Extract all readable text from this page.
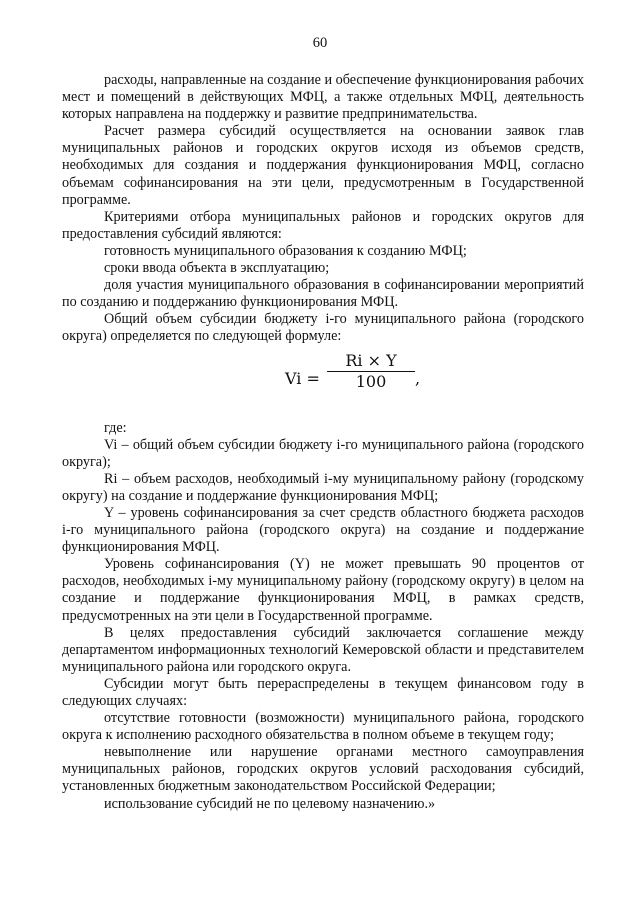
60

расходы, направленные на создание и обеспечение функционирования рабочих мест и помещений в действующих МФЦ, а также отдельных МФЦ, деятельность которых направлена на поддержку и развитие предпринимательства.

Расчет размера субсидий осуществляется на основании заявок глав муниципальных районов и городских округов исходя из объемов средств, необходимых для создания и поддержания функционирования МФЦ, согласно объемам софинансирования на эти цели, предусмотренным в Государственной программе.

Критериями отбора муниципальных районов и городских округов для предоставления субсидий являются:

готовность муниципального образования к созданию МФЦ;

сроки ввода объекта в эксплуатацию;

доля участия муниципального образования в софинансировании мероприятий по созданию и поддержанию функционирования МФЦ.

Общий объем субсидии бюджету i-го муниципального района (городского округа) определяется по следующей формуле:

$Vi = \frac{Ri \times Y}{100}$ ,

где:

Vi – общий объем субсидии бюджету i-го муниципального района (городского округа);

Ri – объем расходов, необходимый i-му муниципальному району (городскому округу) на создание и поддержание функционирования МФЦ;

Y – уровень софинансирования за счет средств областного бюджета расходов i-го муниципального района (городского округа) на создание и поддержание функционирования МФЦ.

Уровень софинансирования (Y) не может превышать 90 процентов от расходов, необходимых i-му муниципальному району (городскому округу) в целом на создание и поддержание функционирования МФЦ, в рамках средств, предусмотренных на эти цели в Государственной программе.

В целях предоставления субсидий заключается соглашение между департаментом информационных технологий Кемеровской области и представителем муниципального района или городского округа.

Субсидии могут быть перераспределены в текущем финансовом году в следующих случаях:

отсутствие готовности (возможности) муниципального района, городского округа к исполнению расходного обязательства в полном объеме в текущем году;

невыполнение или нарушение органами местного самоуправления муниципальных районов, городских округов условий расходования субсидий, установленных бюджетным законодательством Российской Федерации;

использование субсидий не по целевому назначению.»
